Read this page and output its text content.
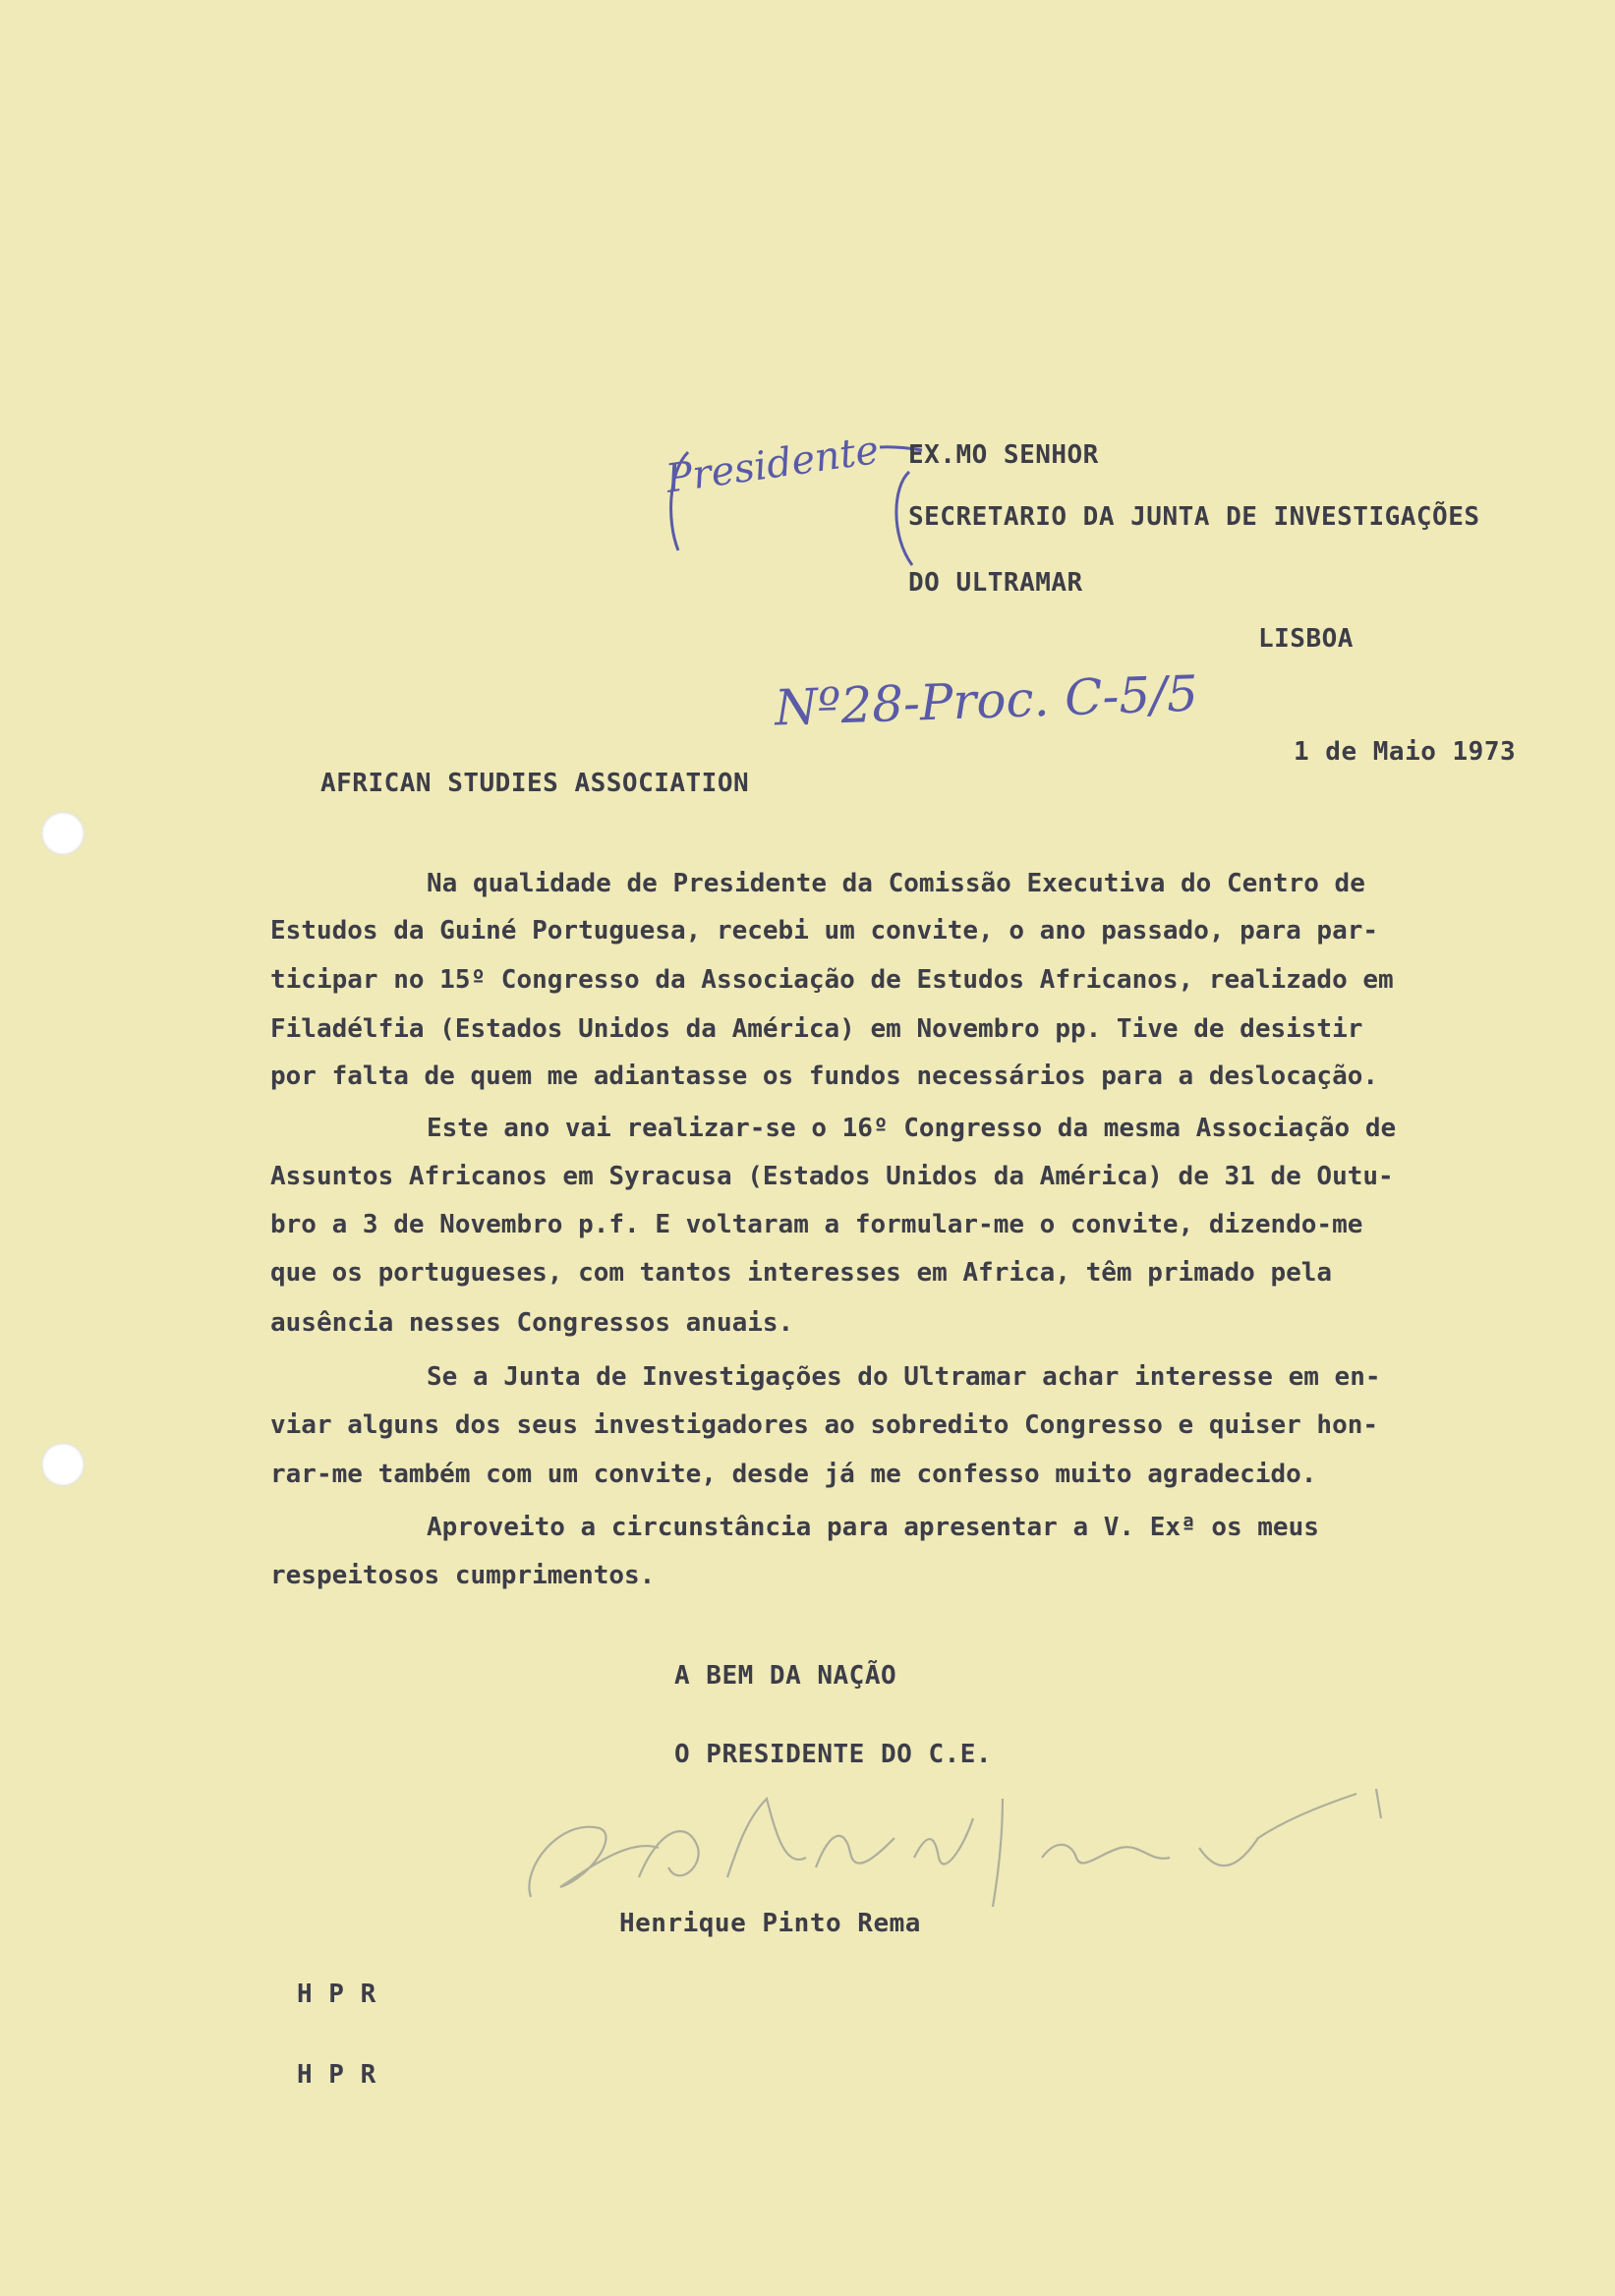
Presidente EX.MO SENHOR
SECRETARIO DA JUNTA DE INVESTIGAÇÕES
DO ULTRAMAR
LISBOA
Nº28-Proc. C-5/5
1 de Maio 1973
AFRICAN STUDIES ASSOCIATION
Na qualidade de Presidente da Comissão Executiva do Centro de
Estudos da Guiné Portuguesa, recebi um convite, o ano passado, para par-
ticipar no 15º Congresso da Associação de Estudos Africanos, realizado em
Filadélfia (Estados Unidos da América) em Novembro pp. Tive de desistir
por falta de quem me adiantasse os fundos necessários para a deslocação.
Este ano vai realizar-se o 16º Congresso da mesma Associação de
Assuntos Africanos em Syracusa (Estados Unidos da América) de 31 de Outu-
bro a 3 de Novembro p.f. E voltaram a formular-me o convite, dizendo-me
que os portugueses, com tantos interesses em Africa, têm primado pela
ausência nesses Congressos anuais.
Se a Junta de Investigações do Ultramar achar interesse em en-
viar alguns dos seus investigadores ao sobredito Congresso e quiser hon-
rar-me também com um convite, desde já me confesso muito agradecido.
Aproveito a circunstância para apresentar a V. Exª os meus
respeitosos cumprimentos.
A BEM DA NAÇÃO
O PRESIDENTE DO C.E.
Henrique Pinto Rema
H P R
H P R
